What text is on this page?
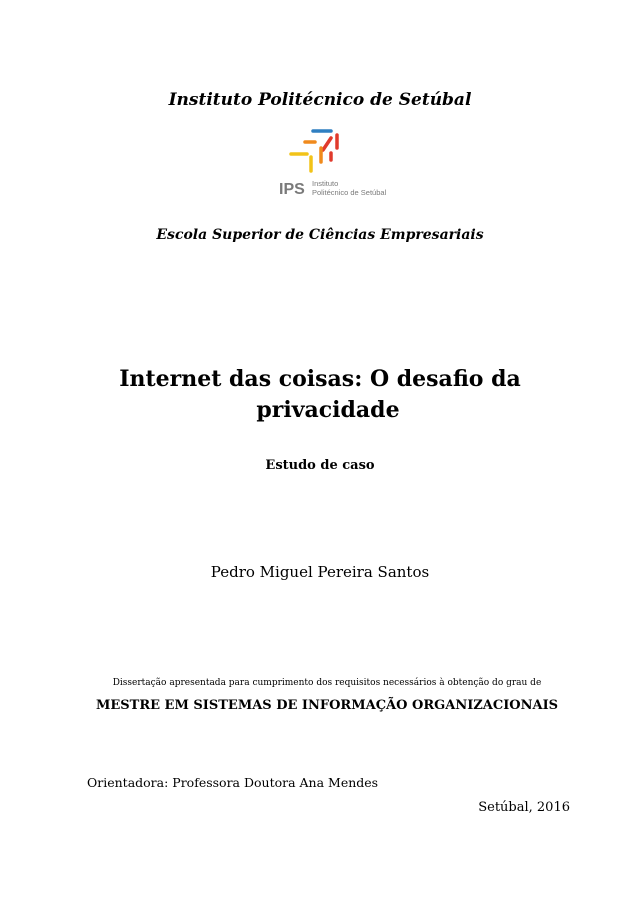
Instituto Politécnico de Setúbal
IPS Instituto
Politécnico de Setúbal
Escola Superior de Ciências Empresariais
Internet das coisas: O desafio da
privacidade
Estudo de caso
Pedro Miguel Pereira Santos
Dissertação apresentada para cumprimento dos requisitos necessários à obtenção do grau de
MESTRE EM SISTEMAS DE INFORMAÇÃO ORGANIZACIONAIS
Orientadora: Professora Doutora Ana Mendes
Setúbal, 2016
